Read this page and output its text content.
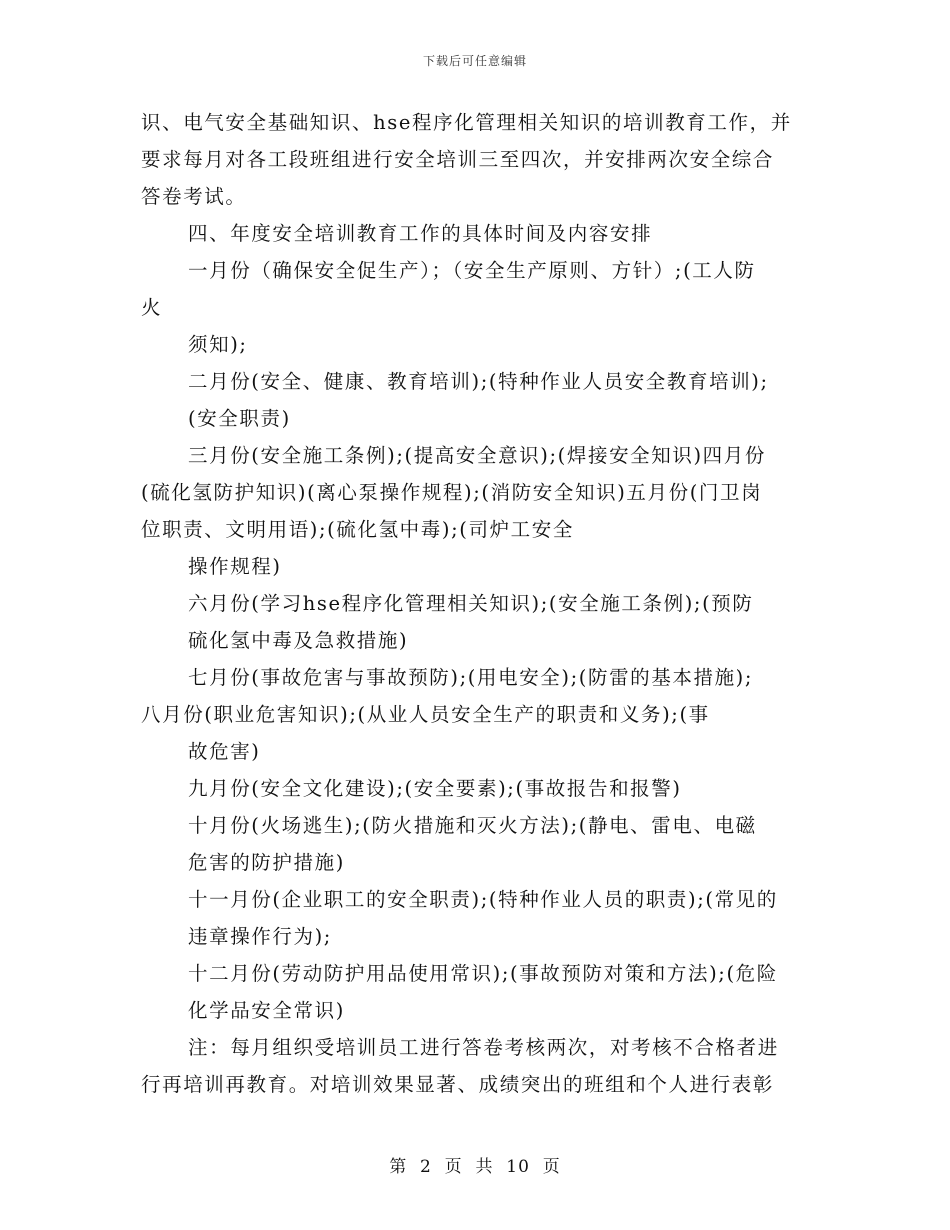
下载后可任意编辑
识、电气安全基础知识、hse程序化管理相关知识的培训教育工作，并
要求每月对各工段班组进行安全培训三至四次，并安排两次安全综合
答卷考试。
四、年度安全培训教育工作的具体时间及内容安排
一月份（确保安全促生产）；（安全生产原则、方针）;(工人防
火
须知);
二月份(安全、健康、教育培训);(特种作业人员安全教育培训);
(安全职责)
三月份(安全施工条例);(提高安全意识);(焊接安全知识)四月份
(硫化氢防护知识)(离心泵操作规程);(消防安全知识)五月份(门卫岗
位职责、文明用语);(硫化氢中毒);(司炉工安全
操作规程)
六月份(学习hse程序化管理相关知识);(安全施工条例);(预防
硫化氢中毒及急救措施)
七月份(事故危害与事故预防);(用电安全);(防雷的基本措施);
八月份(职业危害知识);(从业人员安全生产的职责和义务);(事
故危害)
九月份(安全文化建设);(安全要素);(事故报告和报警)
十月份(火场逃生);(防火措施和灭火方法);(静电、雷电、电磁
危害的防护措施)
十一月份(企业职工的安全职责);(特种作业人员的职责);(常见的
违章操作行为);
十二月份(劳动防护用品使用常识);(事故预防对策和方法);(危险
化学品安全常识)
注：每月组织受培训员工进行答卷考核两次，对考核不合格者进
行再培训再教育。对培训效果显著、成绩突出的班组和个人进行表彰
第  2  页  共  10  页
